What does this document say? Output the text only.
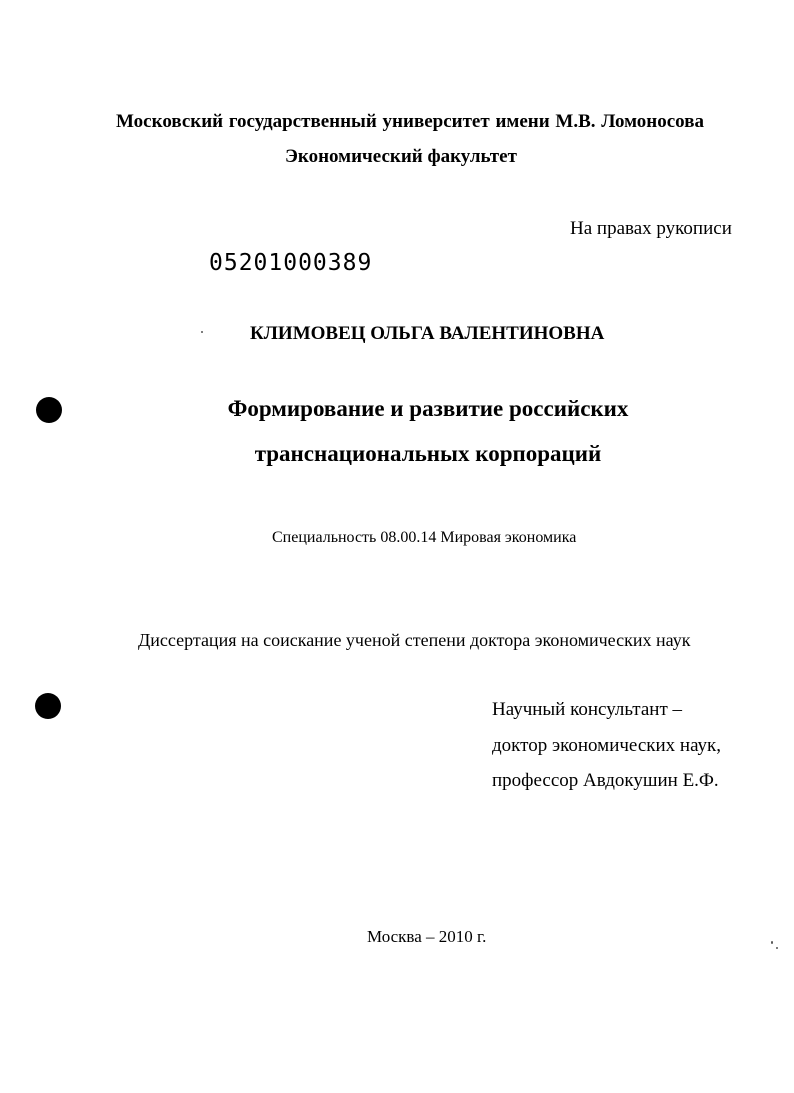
Московский государственный университет имени М.В. Ломоносова
Экономический факультет
На правах рукописи
05201000389
КЛИМОВЕЦ ОЛЬГА ВАЛЕНТИНОВНА
Формирование и развитие российских
транснациональных корпораций
Специальность 08.00.14 Мировая экономика
Диссертация на соискание ученой степени доктора экономических наук
Научный консультант –
доктор экономических наук,
профессор Авдокушин Е.Ф.
Москва – 2010 г.
